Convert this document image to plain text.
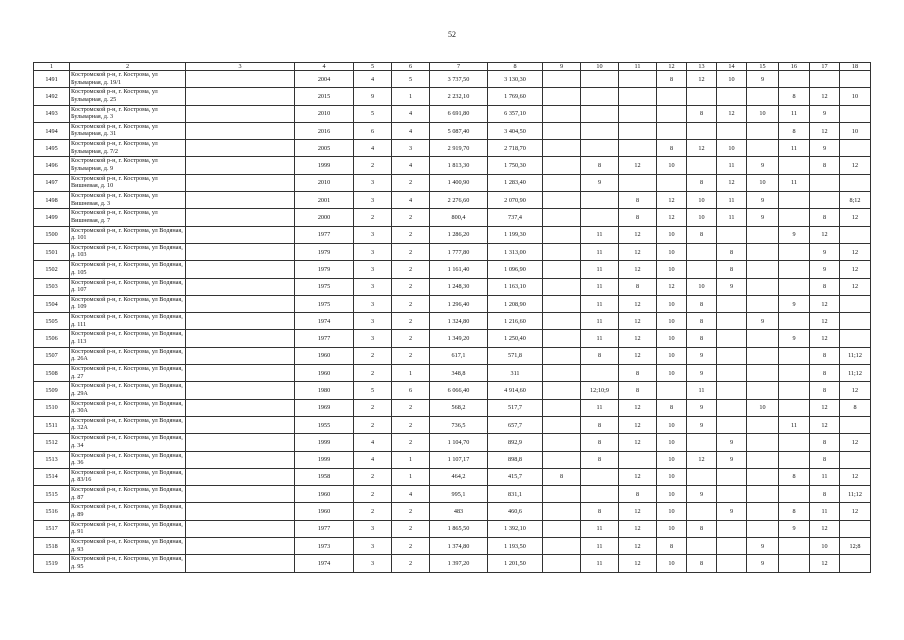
52
1	2	3	4	5	6	7	8	9	10	11	12	13	14	15	16	17	18
1491	Костромской р-н, г. Кострома, ул Бульварная, д. 19/1		2004	4	5	3 737,50	3 130,30				8	12	10	9			
1492	Костромской р-н, г. Кострома, ул Бульварная, д. 25		2015	9	1	2 232,10	1 769,60								8	12	10
1493	Костромской р-н, г. Кострома, ул Бульварная, д. 3		2010	5	4	6 691,80	6 357,10					8	12	10	11	9	
1494	Костромской р-н, г. Кострома, ул Бульварная, д. 31		2016	6	4	5 087,40	3 404,50								8	12	10
1495	Костромской р-н, г. Кострома, ул Бульварная, д. 7/2		2005	4	3	2 919,70	2 718,70				8	12	10		11	9	
1496	Костромской р-н, г. Кострома, ул Бульварная, д. 9		1999	2	4	1 813,30	1 750,30		8	12	10		11	9		8	12
1497	Костромской р-н, г. Кострома, ул Вишневая, д. 10		2010	3	2	1 400,90	1 283,40		9			8	12	10	11		
1498	Костромской р-н, г. Кострома, ул Вишневая, д. 3		2001	3	4	2 276,60	2 070,90			8	12	10	11	9			8;12
1499	Костромской р-н, г. Кострома, ул Вишневая, д. 7		2000	2	2	800,4	737,4			8	12	10	11	9		8	12
1500	Костромской р-н, г. Кострома, ул Водяная, д. 101		1977	3	2	1 286,20	1 199,30		11	12	10	8			9	12	
1501	Костромской р-н, г. Кострома, ул Водяная, д. 103		1979	3	2	1 777,80	1 313,00		11	12	10		8			9	12
1502	Костромской р-н, г. Кострома, ул Водяная, д. 105		1979	3	2	1 161,40	1 096,90		11	12	10		8			9	12
1503	Костромской р-н, г. Кострома, ул Водяная, д. 107		1975	3	2	1 248,30	1 163,10		11	8	12	10	9			8	12
1504	Костромской р-н, г. Кострома, ул Водяная, д. 109		1975	3	2	1 296,40	1 208,90		11	12	10	8			9	12	
1505	Костромской р-н, г. Кострома, ул Водяная, д. 111		1974	3	2	1 324,80	1 216,60		11	12	10	8		9		12	
1506	Костромской р-н, г. Кострома, ул Водяная, д. 113		1977	3	2	1 349,20	1 250,40		11	12	10	8			9	12	
1507	Костромской р-н, г. Кострома, ул Водяная, д. 26А		1960	2	2	617,1	571,8		8	12	10	9				8	11;12
1508	Костромской р-н, г. Кострома, ул Водяная, д. 27		1960	2	1	348,8	311			8	10	9				8	11;12
1509	Костромской р-н, г. Кострома, ул Водяная, д. 29А		1980	5	6	6 066,40	4 914,60		12;10;9	8		11				8	12
1510	Костромской р-н, г. Кострома, ул Водяная, д. 30А		1969	2	2	568,2	517,7		11	12	8	9		10		12	8
1511	Костромской р-н, г. Кострома, ул Водяная, д. 32А		1955	2	2	736,5	657,7		8	12	10	9			11	12	
1512	Костромской р-н, г. Кострома, ул Водяная, д. 34		1999	4	2	1 104,70	892,9		8	12	10		9			8	12
1513	Костромской р-н, г. Кострома, ул Водяная, д. 36		1999	4	1	1 107,17	898,8		8		10	12	9			8	
1514	Костромской р-н, г. Кострома, ул Водяная, д. 83/16		1958	2	1	464,2	415,7	8		12	10				8	11	12
1515	Костромской р-н, г. Кострома, ул Водяная, д. 87		1960	2	4	995,1	831,1			8	10	9				8	11;12
1516	Костромской р-н, г. Кострома, ул Водяная, д. 89		1960	2	2	483	460,6		8	12	10		9		8	11	12
1517	Костромской р-н, г. Кострома, ул Водяная, д. 91		1977	3	2	1 865,50	1 392,10		11	12	10	8			9	12	
1518	Костромской р-н, г. Кострома, ул Водяная, д. 93		1973	3	2	1 374,80	1 193,50		11	12	8			9		10	12;8
1519	Костромской р-н, г. Кострома, ул Водяная, д. 95		1974	3	2	1 397,20	1 201,50		11	12	10	8		9		12	
